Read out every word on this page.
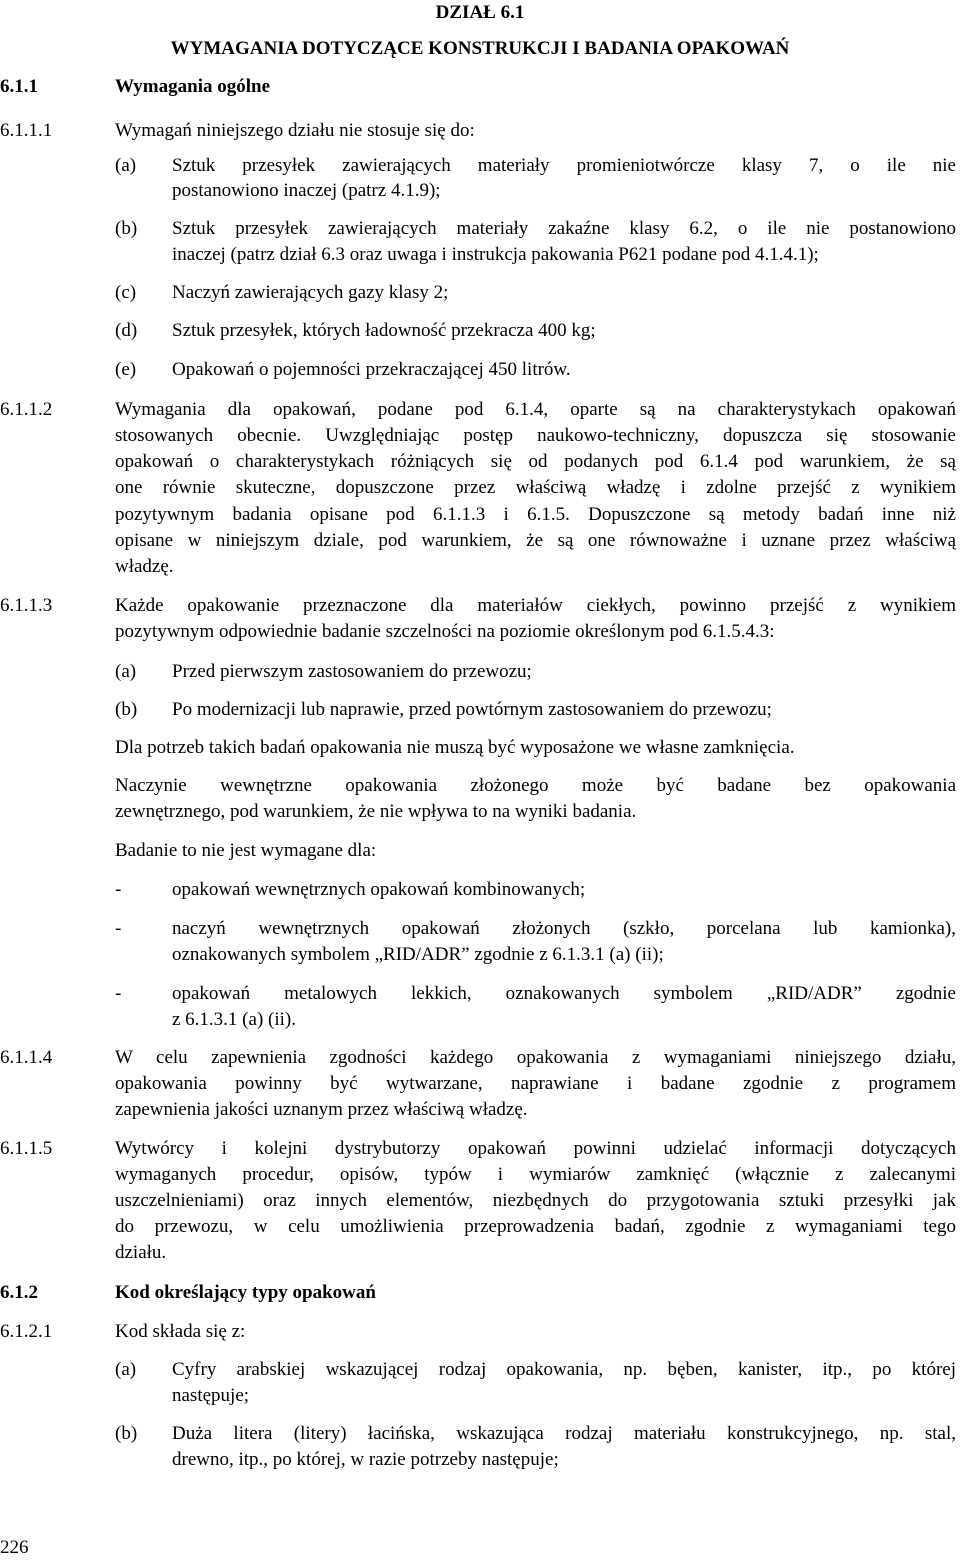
DZIAŁ 6.1
WYMAGANIA DOTYCZĄCE KONSTRUKCJI I BADANIA OPAKOWAŃ
6.1.1	Wymagania ogólne
6.1.1.1	Wymagań niniejszego działu nie stosuje się do:
(a) Sztuk przesyłek zawierających materiały promieniotwórcze klasy 7, o ile nie
postanowiono inaczej (patrz 4.1.9);
(b) Sztuk przesyłek zawierających materiały zakaźne klasy 6.2, o ile nie postanowiono
inaczej (patrz dział 6.3 oraz uwaga i instrukcja pakowania P621 podane pod 4.1.4.1);
(c) Naczyń zawierających gazy klasy 2;
(d) Sztuk przesyłek, których ładowność przekracza 400 kg;
(e) Opakowań o pojemności przekraczającej 450 litrów.
6.1.1.2	Wymagania dla opakowań, podane pod 6.1.4, oparte są na charakterystykach opakowań
stosowanych obecnie. Uwzględniając postęp naukowo-techniczny, dopuszcza się stosowanie
opakowań o charakterystykach różniących się od podanych pod 6.1.4 pod warunkiem, że są
one równie skuteczne, dopuszczone przez właściwą władzę i zdolne przejść z wynikiem
pozytywnym badania opisane pod 6.1.1.3 i 6.1.5. Dopuszczone są metody badań inne niż
opisane w niniejszym dziale, pod warunkiem, że są one równoważne i uznane przez właściwą
władzę.
6.1.1.3	Każde opakowanie przeznaczone dla materiałów ciekłych, powinno przejść z wynikiem
pozytywnym odpowiednie badanie szczelności na poziomie określonym pod 6.1.5.4.3:
(a) Przed pierwszym zastosowaniem do przewozu;
(b) Po modernizacji lub naprawie, przed powtórnym zastosowaniem do przewozu;
Dla potrzeb takich badań opakowania nie muszą być wyposażone we własne zamknięcia.
Naczynie wewnętrzne opakowania złożonego może być badane bez opakowania
zewnętrznego, pod warunkiem, że nie wpływa to na wyniki badania.
Badanie to nie jest wymagane dla:
-	opakowań wewnętrznych opakowań kombinowanych;
-	naczyń wewnętrznych opakowań złożonych (szkło, porcelana lub kamionka),
oznakowanych symbolem „RID/ADR” zgodnie z 6.1.3.1 (a) (ii);
-	opakowań metalowych lekkich, oznakowanych symbolem „RID/ADR” zgodnie
z 6.1.3.1 (a) (ii).
6.1.1.4	W celu zapewnienia zgodności każdego opakowania z wymaganiami niniejszego działu,
opakowania powinny być wytwarzane, naprawiane i badane zgodnie z programem
zapewnienia jakości uznanym przez właściwą władzę.
6.1.1.5	Wytwórcy i kolejni dystrybutorzy opakowań powinni udzielać informacji dotyczących
wymaganych procedur, opisów, typów i wymiarów zamknięć (włącznie z zalecanymi
uszczelnieniami) oraz innych elementów, niezbędnych do przygotowania sztuki przesyłki jak
do przewozu, w celu umożliwienia przeprowadzenia badań, zgodnie z wymaganiami tego
działu.
6.1.2	Kod określający typy opakowań
6.1.2.1	Kod składa się z:
(a) Cyfry arabskiej wskazującej rodzaj opakowania, np. bęben, kanister, itp., po której
następuje;
(b) Duża litera (litery) łacińska, wskazująca rodzaj materiału konstrukcyjnego, np. stal,
drewno, itp., po której, w razie potrzeby następuje;
226
